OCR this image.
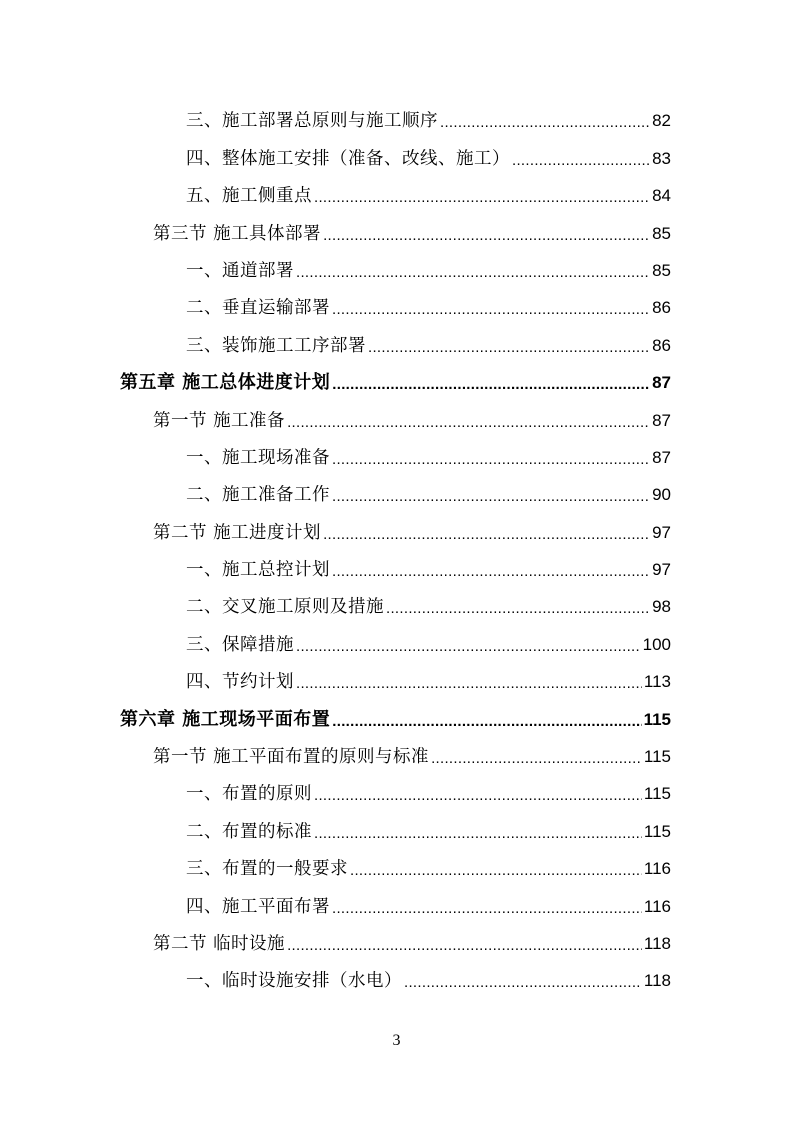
三、施工部署总原则与施工顺序 .....	82
四、整体施工安排（准备、改线、施工） .....	83
五、施工侧重点 .....	84
第三节 施工具体部署 .....	85
一、通道部署 .....	85
二、垂直运输部署 .....	86
三、装饰施工工序部署 .....	86
第五章 施工总体进度计划 .....	87
第一节 施工准备 .....	87
一、施工现场准备 .....	87
二、施工准备工作 .....	90
第二节 施工进度计划 .....	97
一、施工总控计划 .....	97
二、交叉施工原则及措施 .....	98
三、保障措施 .....	100
四、节约计划 .....	113
第六章 施工现场平面布置 .....	115
第一节 施工平面布置的原则与标准 .....	115
一、布置的原则 .....	115
二、布置的标准 .....	115
三、布置的一般要求 .....	116
四、施工平面布署 .....	116
第二节 临时设施 .....	118
一、临时设施安排（水电） .....	118
3
